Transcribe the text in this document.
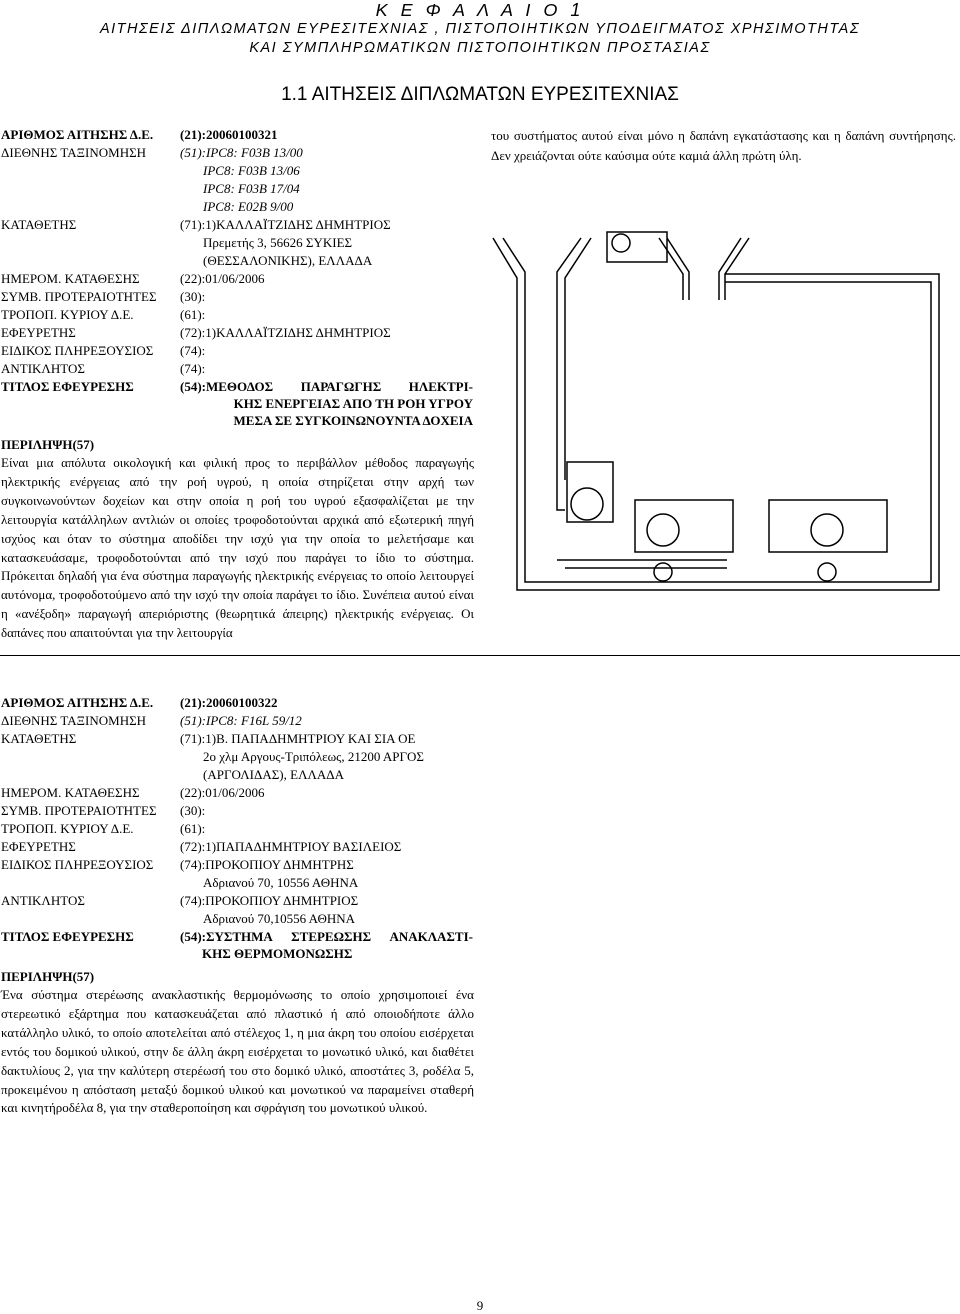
Κ Ε Φ Α Λ Α Ι Ο 1
ΑΙΤΗΣΕΙΣ ΔΙΠΛΩΜΑΤΩΝ ΕΥΡΕΣΙΤΕΧΝΙΑΣ , ΠΙΣΤΟΠΟΙΗΤΙΚΩΝ ΥΠΟΔΕΙΓΜΑΤΟΣ ΧΡΗΣΙΜΟΤΗΤΑΣ
ΚΑΙ ΣΥΜΠΛΗΡΩΜΑΤΙΚΩΝ ΠΙΣΤΟΠΟΙΗΤΙΚΩΝ ΠΡΟΣΤΑΣΙΑΣ
1.1 ΑΙΤΗΣΕΙΣ ΔΙΠΛΩΜΑΤΩΝ ΕΥΡΕΣΙΤΕΧΝΙΑΣ
ΑΡΙΘΜΟΣ ΑΙΤΗΣΗΣ Δ.Ε. (21):20060100321
ΔΙΕΘΝΗΣ ΤΑΞΙΝΟΜΗΣΗ	(51):IPC8: F03B 13/00
IPC8: F03B 13/06
IPC8: F03B 17/04
IPC8: E02B 9/00
ΚΑΤΑΘΕΤΗΣ	(71):1)ΚΑΛΛΑΪΤΖΙΔΗΣ ΔΗΜΗΤΡΙΟΣ
Πρεμετής 3, 56626 ΣΥΚΙΕΣ
(ΘΕΣΣΑΛΟΝΙΚΗΣ), ΕΛΛΑΔΑ
ΗΜΕΡΟΜ. ΚΑΤΑΘΕΣΗΣ	(22):01/06/2006
ΣΥΜΒ. ΠΡΟΤΕΡΑΙΟΤΗΤΕΣ (30):
ΤΡΟΠΟΠ. ΚΥΡΙΟΥ Δ.Ε.	(61):
ΕΦΕΥΡΕΤΗΣ	(72):1)ΚΑΛΛΑΪΤΖΙΔΗΣ ΔΗΜΗΤΡΙΟΣ
ΕΙΔΙΚΟΣ ΠΛΗΡΕΞΟΥΣΙΟΣ (74):
ΑΝΤΙΚΛΗΤΟΣ	(74):
ΤΙΤΛΟΣ ΕΦΕΥΡΕΣΗΣ	(54):ΜΕΘΟΔΟΣ ΠΑΡΑΓΩΓΗΣ ΗΛΕΚΤΡΙ-
ΚΗΣ ΕΝΕΡΓΕΙΑΣ ΑΠΟ ΤΗ ΡΟΗ ΥΓΡΟΥ
ΜΕΣΑ ΣΕ ΣΥΓΚΟΙΝΩΝΟΥΝΤΑ ΔΟΧΕΙΑ
ΠΕΡΙΛΗΨΗ(57)
Είναι μια απόλυτα οικολογική και φιλική προς το περιβάλλον μέθοδος παραγωγής ηλεκτρικής ενέργειας από την ροή υγρού, η οποία στηρίζεται στην αρχή των συγκοινωνούντων δοχείων και στην οποία η ροή του υγρού εξασφαλίζεται με την λειτουργία κατάλληλων αντλιών οι οποίες τροφοδοτούνται αρχικά από εξωτερική πηγή ισχύος και όταν το σύστημα αποδίδει την ισχύ για την οποία το μελετήσαμε και κατασκευάσαμε, τροφοδοτούνται από την ισχύ που παράγει το ίδιο το σύστημα. Πρόκειται δηλαδή για ένα σύστημα παραγωγής ηλεκτρικής ενέργειας το οποίο λειτουργεί αυτόνομα, τροφοδοτούμενο από την ισχύ την οποία παράγει το ίδιο. Συνέπεια αυτού είναι η «ανέξοδη» παραγωγή απεριόριστης (θεωρητικά άπειρης) ηλεκτρικής ενέργειας. Οι δαπάνες που απαιτούνται για την λειτουργία
του συστήματος αυτού είναι μόνο η δαπάνη εγκατάστασης και η δαπάνη συντήρησης. Δεν χρειάζονται ούτε καύσιμα ούτε καμιά άλλη πρώτη ύλη.
ΑΡΙΘΜΟΣ ΑΙΤΗΣΗΣ Δ.Ε. (21):20060100322
ΔΙΕΘΝΗΣ ΤΑΞΙΝΟΜΗΣΗ	(51):IPC8: F16L 59/12
ΚΑΤΑΘΕΤΗΣ	(71):1)Β. ΠΑΠΑΔΗΜΗΤΡΙΟΥ ΚΑΙ ΣΙΑ ΟΕ
2ο χλμ Αργους-Τριπόλεως, 21200 ΑΡΓΟΣ
(ΑΡΓΟΛΙΔΑΣ), ΕΛΛΑΔΑ
ΗΜΕΡΟΜ. ΚΑΤΑΘΕΣΗΣ	(22):01/06/2006
ΣΥΜΒ. ΠΡΟΤΕΡΑΙΟΤΗΤΕΣ (30):
ΤΡΟΠΟΠ. ΚΥΡΙΟΥ Δ.Ε.	(61):
ΕΦΕΥΡΕΤΗΣ	(72):1)ΠΑΠΑΔΗΜΗΤΡΙΟΥ ΒΑΣΙΛΕΙΟΣ
ΕΙΔΙΚΟΣ ΠΛΗΡΕΞΟΥΣΙΟΣ (74):ΠΡΟΚΟΠΙΟΥ ΔΗΜΗΤΡΗΣ
Αδριανού 70, 10556 ΑΘΗΝΑ
ΑΝΤΙΚΛΗΤΟΣ	(74):ΠΡΟΚΟΠΙΟΥ ΔΗΜΗΤΡΙΟΣ
Αδριανού 70,10556 ΑΘΗΝΑ
ΤΙΤΛΟΣ ΕΦΕΥΡΕΣΗΣ	(54):ΣΥΣΤΗΜΑ ΣΤΕΡΕΩΣΗΣ ΑΝΑΚΛΑΣΤΙ-
ΚΗΣ ΘΕΡΜΟΜΟΝΩΣΗΣ
ΠΕΡΙΛΗΨΗ(57)
Ένα σύστημα στερέωσης ανακλαστικής θερμομόνωσης το οποίο χρησιμοποιεί ένα στερεωτικό εξάρτημα που κατασκευάζεται από πλαστικό ή από οποιοδήποτε άλλο κατάλληλο υλικό, το οποίο αποτελείται από στέλεχος 1, η μια άκρη του οποίου εισέρχεται εντός του δομικού υλικού, στην δε άλλη άκρη εισέρχεται το μονωτικό υλικό, και διαθέτει δακτυλίους 2, για την καλύτερη στερέωσή του στο δομικό υλικό, αποστάτες 3, ροδέλα 5, προκειμένου η απόσταση μεταξύ δομικού υλικού και μονωτικού να παραμείνει σταθερή και κινητήροδέλα 8, για την σταθεροποίηση και σφράγιση του μονωτικού υλικού.
9
